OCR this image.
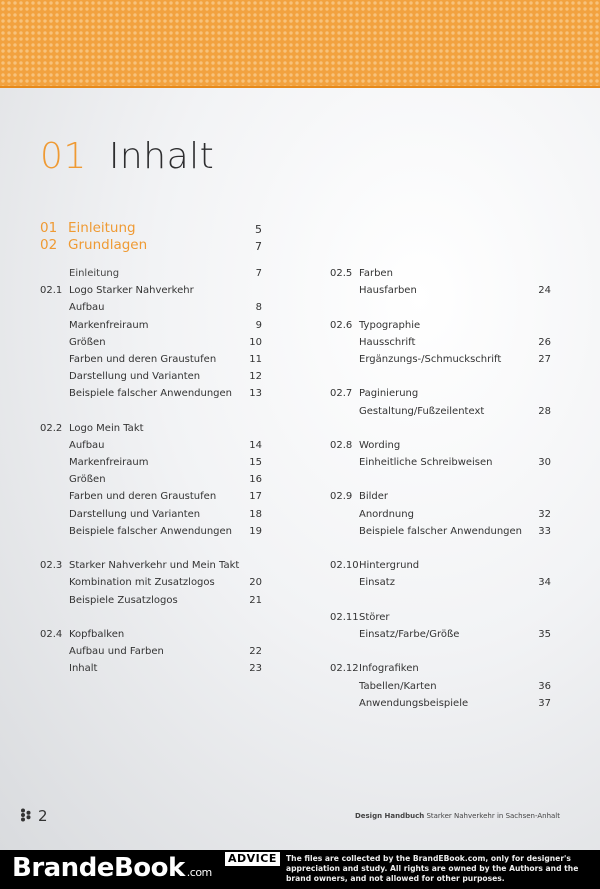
01 Inhalt
01 Einleitung	5
02 Grundlagen	7
Einleitung	7
02.1 Logo Starker Nahverkehr
Aufbau	8
Markenfreiraum	9
Größen	10
Farben und deren Graustufen	11
Darstellung und Varianten	12
Beispiele falscher Anwendungen 13
02.2 Logo Mein Takt
Aufbau	14
Markenfreiraum	15
Größen	16
Farben und deren Graustufen	17
Darstellung und Varianten	18
Beispiele falscher Anwendungen 19
02.3 Starker Nahverkehr und Mein Takt
Kombination mit Zusatzlogos	20
Beispiele Zusatzlogos	21
02.4 Kopfbalken
Aufbau und Farben	22
Inhalt	23
02.5 Farben
Hausfarben	24
02.6 Typographie
Hausschrift	26
Ergänzungs-/Schmuckschrift	27
02.7 Paginierung
Gestaltung/Fußzeilentext	28
02.8 Wording
Einheitliche Schreibweisen	30
02.9 Bilder
Anordnung	32
Beispiele falscher Anwendungen 33
02.10 Hintergrund
Einsatz	34
02.11 Störer
Einsatz/Farbe/Größe	35
02.12 Infografiken
Tabellen/Karten	36
Anwendungsbeispiele	37
2	Design Handbuch Starker Nahverkehr in Sachsen-Anhalt
BrandeBook .com
ADVICE	The files are collected by the BrandEBook.com, only for designer's appreciation and study. All rights are owned by the Authors and the brand owners, and not allowed for other purposes.
